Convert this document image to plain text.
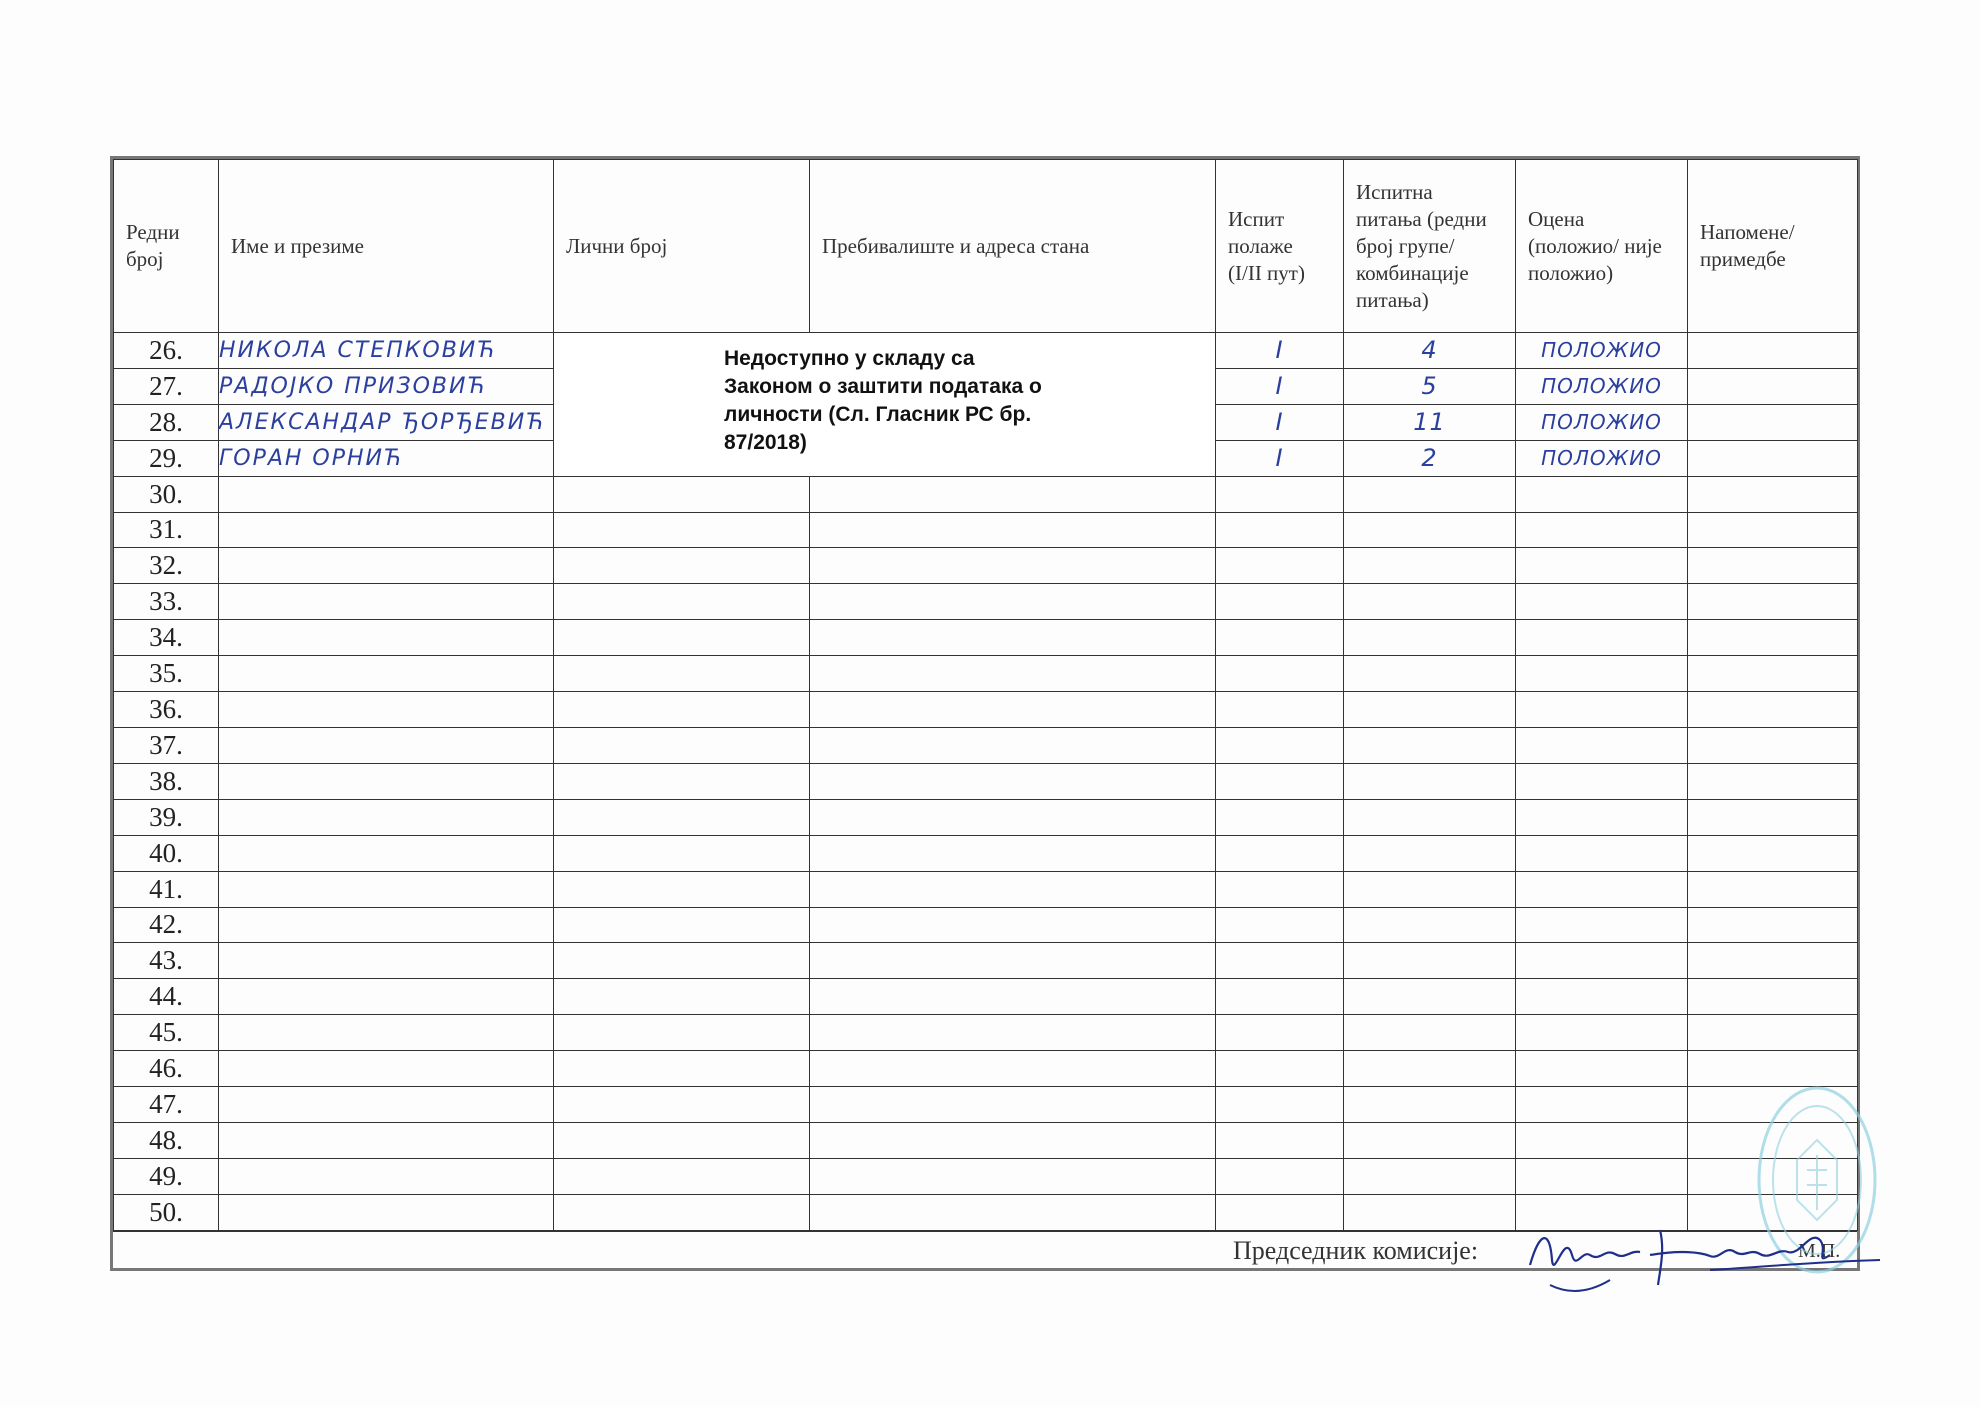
Редни број	Име и презиме	Лични број	Пребивалиште и адреса стана	Испит полаже (I/II пут)	Испитна питања (редни број групе/ комбинације питања)	Оцена (положио/ није положио)	Напомене/ примедбе
26.	НИКОЛА СТЕПКОВИЋ	Недоступно у складу са Законом о заштити података о личности (Сл. Гласник РС бр. 87/2018)		I	4	ПОЛОЖИО	
27.	РАДОЈКО ПРИЗОВИЋ			I	5	ПОЛОЖИО	
28.	АЛЕКСАНДАР ЂОРЂЕВИЋ			I	11	ПОЛОЖИО	
29.	ГОРАН ОРНИЋ			I	2	ПОЛОЖИО	
30.							
31.							
32.							
33.							
34.							
35.							
36.							
37.							
38.							
39.							
40.							
41.							
42.							
43.							
44.							
45.							
46.							
47.							
48.							
49.							
50.							
Председник комисије:	М.П.
